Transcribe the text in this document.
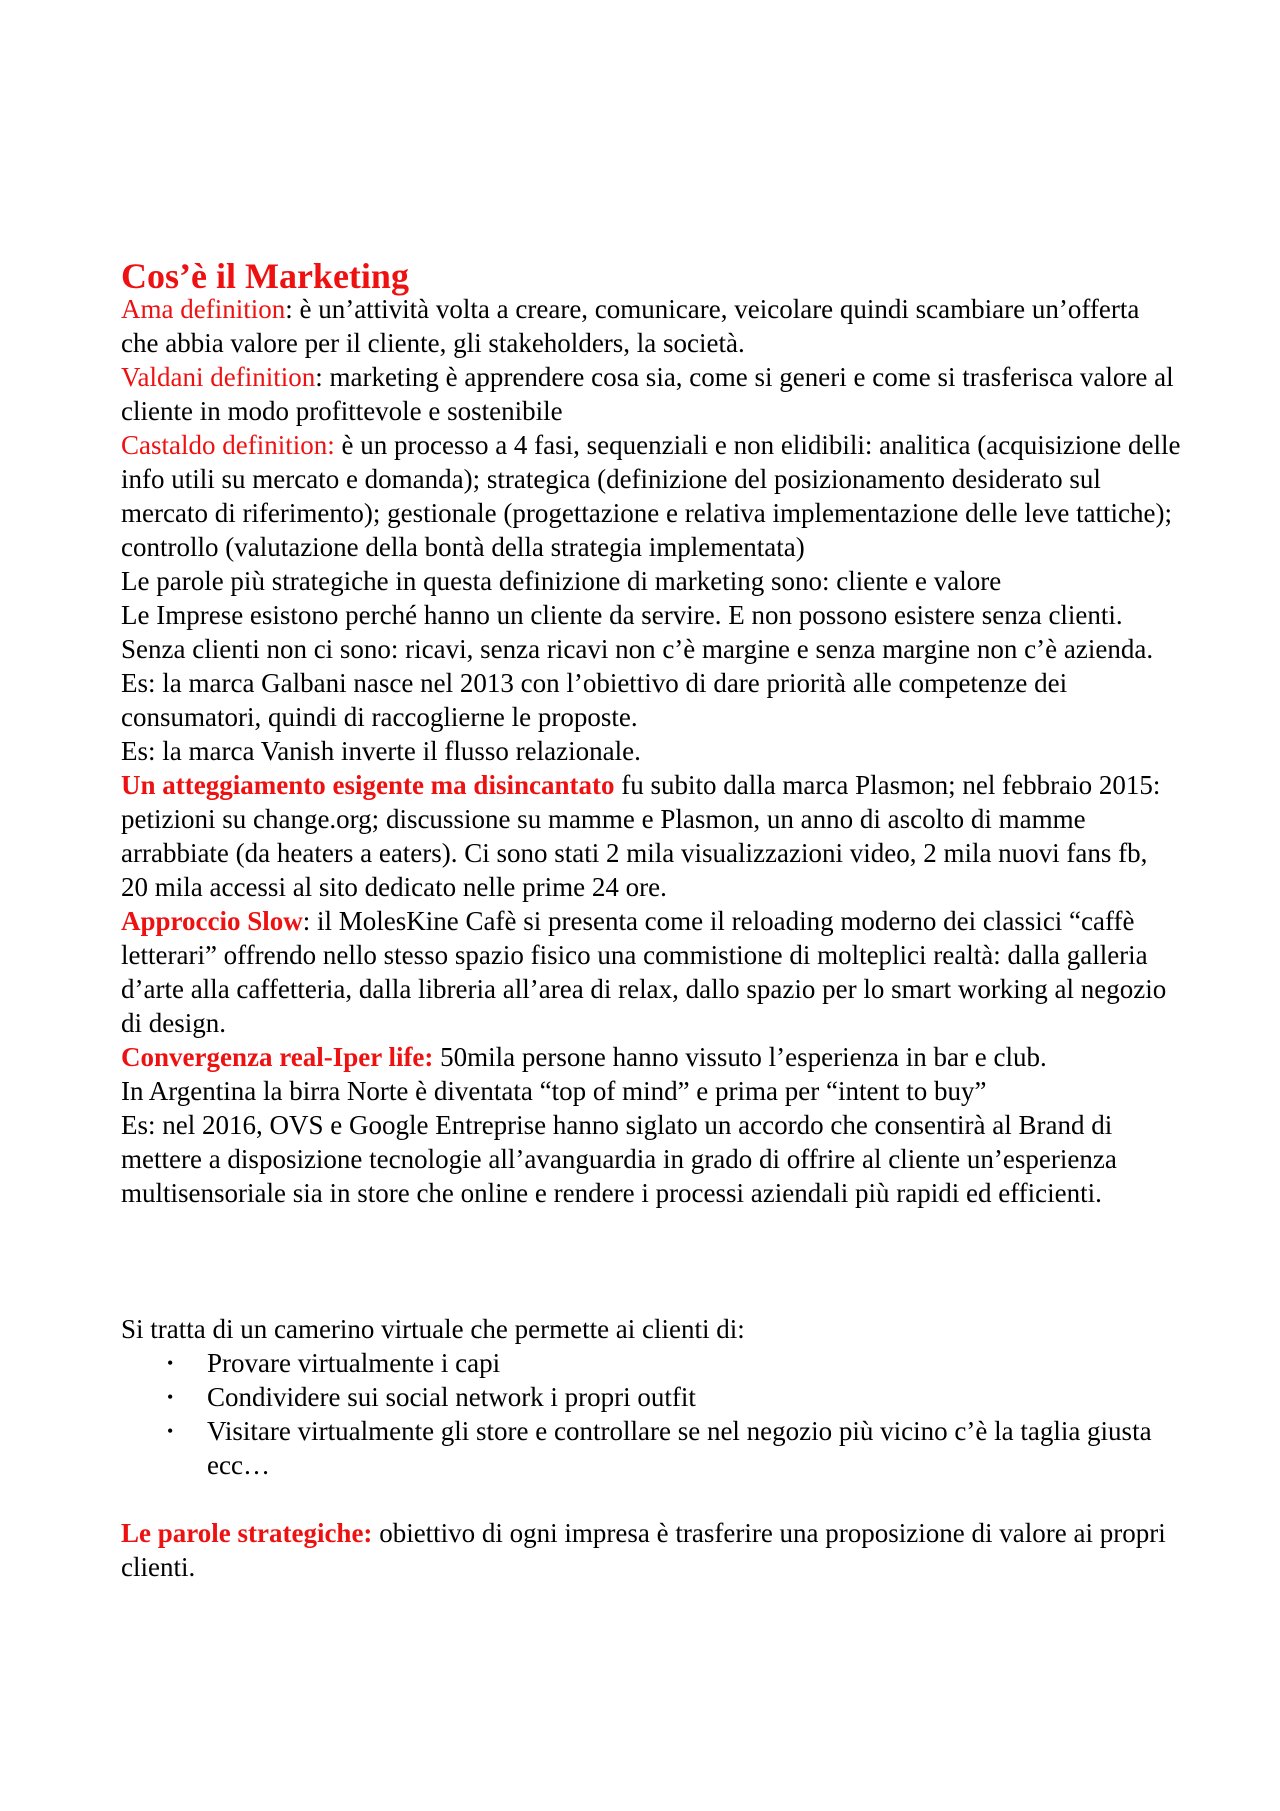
Cos’è il Marketing

Ama definition: è un’attività volta a creare, comunicare, veicolare quindi scambiare un’offerta che abbia valore per il cliente, gli stakeholders, la società.

Valdani definition: marketing è apprendere cosa sia, come si generi e come si trasferisca valore al cliente in modo profittevole e sostenibile

Castaldo definition: è un processo a 4 fasi, sequenziali e non elidibili: analitica (acquisizione delle info utili su mercato e domanda); strategica (definizione del posizionamento desiderato sul mercato di riferimento); gestionale (progettazione e relativa implementazione delle leve tattiche); controllo (valutazione della bontà della strategia implementata)

Le parole più strategiche in questa definizione di marketing sono: cliente e valore

Le Imprese esistono perché hanno un cliente da servire. E non possono esistere senza clienti. Senza clienti non ci sono: ricavi, senza ricavi non c’è margine e senza margine non c’è azienda.

Es: la marca Galbani nasce nel 2013 con l’obiettivo di dare priorità alle competenze dei consumatori, quindi di raccoglierne le proposte.

Es: la marca Vanish inverte il flusso relazionale.

Un atteggiamento esigente ma disincantato fu subito dalla marca Plasmon; nel febbraio 2015: petizioni su change.org; discussione su mamme e Plasmon, un anno di ascolto di mamme arrabbiate (da heaters a eaters). Ci sono stati 2 mila visualizzazioni video, 2 mila nuovi fans fb, 20 mila accessi al sito dedicato nelle prime 24 ore.

Approccio Slow: il MolesKine Cafè si presenta come il reloading moderno dei classici “caffè letterari” offrendo nello stesso spazio fisico una commistione di molteplici realtà: dalla galleria d’arte alla caffetteria, dalla libreria all’area di relax, dallo spazio per lo smart working al negozio di design.

Convergenza real-Iper life: 50mila persone hanno vissuto l’esperienza in bar e club.

In Argentina la birra Norte è diventata “top of mind” e prima per “intent to buy”

Es: nel 2016, OVS e Google Entreprise hanno siglato un accordo che consentirà al Brand di mettere a disposizione tecnologie all’avanguardia in grado di offrire al cliente un’esperienza multisensoriale sia in store che online e rendere i processi aziendali più rapidi ed efficienti.

Si tratta di un camerino virtuale che permette ai clienti di:

• Provare virtualmente i capi
• Condividere sui social network i propri outfit
• Visitare virtualmente gli store e controllare se nel negozio più vicino c’è la taglia giusta ecc…

Le parole strategiche: obiettivo di ogni impresa è trasferire una proposizione di valore ai propri clienti.
